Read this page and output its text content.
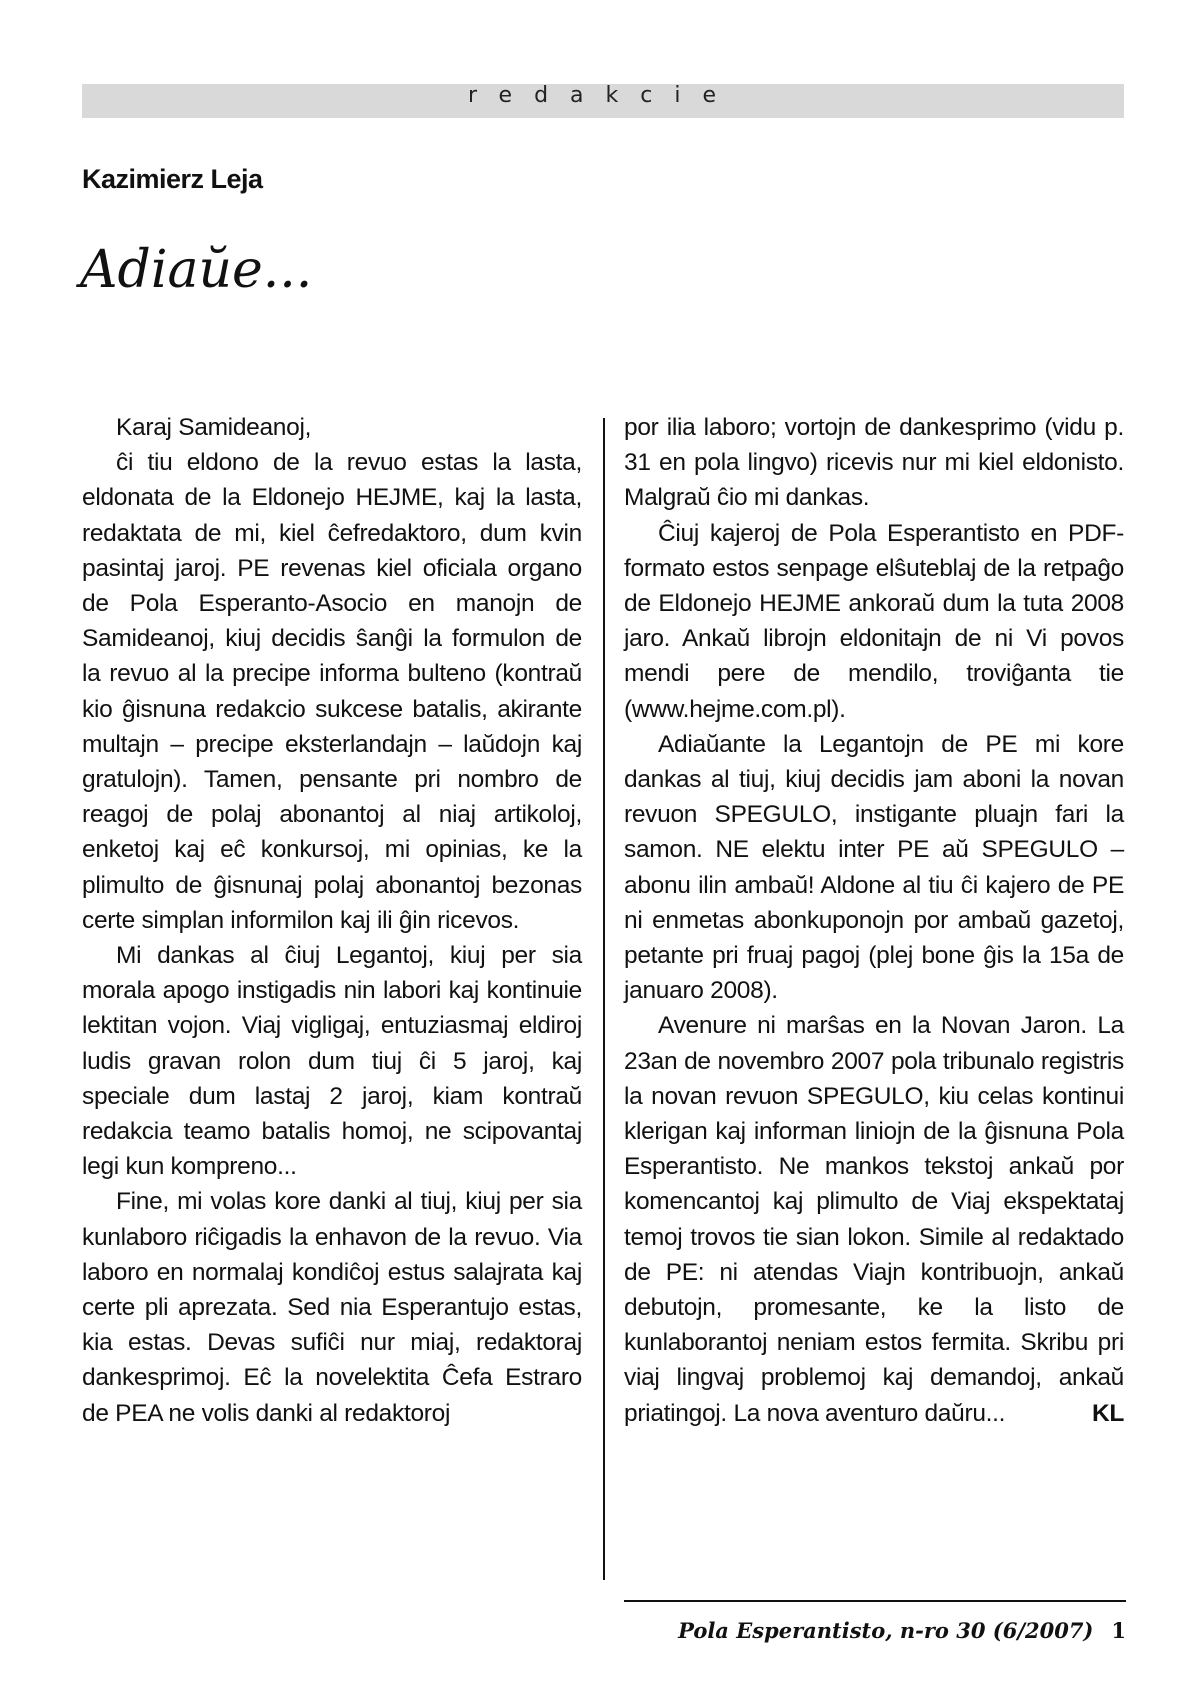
redakcie
Kazimierz Leja
Adiaŭe...

Karaj Samideanoj,

ĉi tiu eldono de la revuo estas la lasta, eldonata de la Eldonejo HEJME, kaj la lasta, redaktata de mi, kiel ĉefredaktoro, dum kvin pasintaj jaroj. PE revenas kiel oficiala organo de Pola Esperanto-Asocio en manojn de Samideanoj, kiuj decidis ŝanĝi la formulon de la revuo al la precipe informa bulteno (kontraŭ kio ĝisnuna redakcio sukcese batalis, akirante multajn – precipe eksterlandajn – laŭdojn kaj gratulojn). Tamen, pensante pri nombro de reagoj de polaj abonantoj al niaj artikoloj, enketoj kaj eĉ konkursoj, mi opinias, ke la plimulto de ĝisnunaj polaj abonantoj bezonas certe simplan informilon kaj ili ĝin ricevos.

Mi dankas al ĉiuj Legantoj, kiuj per sia morala apogo instigadis nin labori kaj kontinuie lektitan vojon. Viaj vigligaj, entuziasmaj eldiroj ludis gravan rolon dum tiuj ĉi 5 jaroj, kaj speciale dum lastaj 2 jaroj, kiam kontraŭ redakcia teamo batalis homoj, ne scipovantaj legi kun kompreno...

Fine, mi volas kore danki al tiuj, kiuj per sia kunlaboro riĉigadis la enhavon de la revuo. Via laboro en normalaj kondiĉoj estus salajrata kaj certe pli aprezata. Sed nia Esperantujo estas, kia estas. Devas sufiĉi nur miaj, redaktoraj dankesprimoj. Eĉ la novelektita Ĉefa Estraro de PEA ne volis danki al redaktoroj

por ilia laboro; vortojn de dankesprimo (vidu p. 31 en pola lingvo) ricevis nur mi kiel eldonisto. Malgraŭ ĉio mi dankas.

Ĉiuj kajeroj de Pola Esperantisto en PDF-formato estos senpage elŝuteblaj de la retpaĝo de Eldonejo HEJME ankoraŭ dum la tuta 2008 jaro. Ankaŭ librojn eldonitajn de ni Vi povos mendi pere de mendilo, troviĝanta tie (www.hejme.com.pl).

Adiaŭante la Legantojn de PE mi kore dankas al tiuj, kiuj decidis jam aboni la novan revuon SPEGULO, instigante pluajn fari la samon. NE elektu inter PE aŭ SPEGULO – abonu ilin ambaŭ! Aldone al tiu ĉi kajero de PE ni enmetas abonkuponojn por ambaŭ gazetoj, petante pri fruaj pagoj (plej bone ĝis la 15a de januaro 2008).

Avenure ni marŝas en la Novan Jaron. La 23an de novembro 2007 pola tribunalo registris la novan revuon SPEGULO, kiu celas kontinui klerigan kaj informan liniojn de la ĝisnuna Pola Esperantisto. Ne mankos tekstoj ankaŭ por komencantoj kaj plimulto de Viaj ekspektataj temoj trovos tie sian lokon. Simile al redaktado de PE: ni atendas Viajn kontribuojn, ankaŭ debutojn, promesante, ke la listo de kunlaborantoj neniam estos fermita. Skribu pri viaj lingvaj problemoj kaj demandoj, ankaŭ priatingoj. La nova aventuro daŭru...	KL
Pola Esperantisto, n-ro 30 (6/2007) 1
